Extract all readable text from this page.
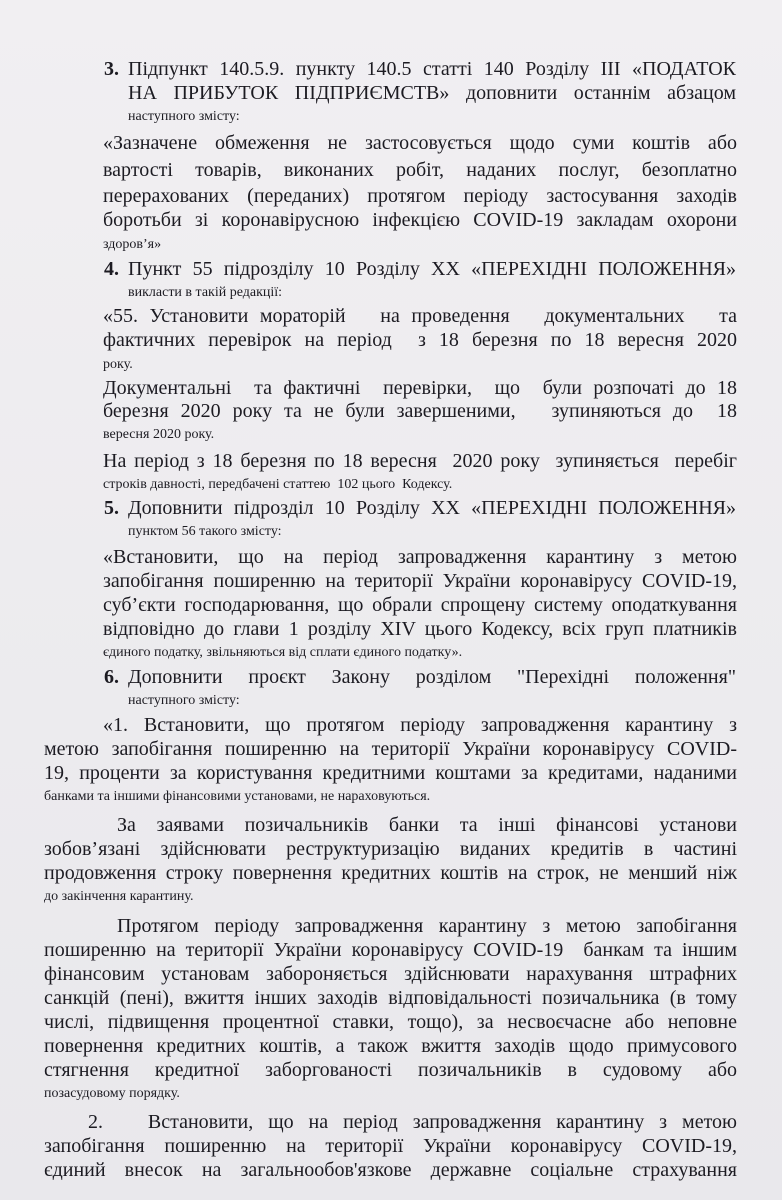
3. Підпункт 140.5.9. пункту 140.5 статті 140 Розділу ІІІ «ПОДАТОК
НА ПРИБУТОК ПІДПРИЄМСТВ» доповнити останнім абзацом
наступного змісту:
«Зазначене обмеження не застосовується щодо суми коштів або
вартості товарів, виконаних робіт, наданих послуг, безоплатно
перерахованих (переданих) протягом періоду застосування заходів
боротьби зі коронавірусною інфекцією COVID-19 закладам охорони
здоров’я»
4. Пункт 55 підрозділу 10 Розділу XX «ПЕРЕХІДНІ ПОЛОЖЕННЯ»
викласти в такій редакції:
«55. Установити мораторій   на проведення   документальних   та
фактичних перевірок на період  з 18 березня по 18 вересня 2020
року.
Документальні  та фактичні  перевірки,  що  були розпочаті до 18
березня 2020 року та не були завершеними,   зупиняються до  18
вересня 2020 року.
На період з 18 березня по 18 вересня  2020 року  зупиняється  перебіг
строків давності, передбачені статтею  102 цього  Кодексу.
5. Доповнити підрозділ 10 Розділу XX «ПЕРЕХІДНІ ПОЛОЖЕННЯ»
пунктом 56 такого змісту:
«Встановити, що на період запровадження карантину з метою
запобігання поширенню на території України коронавірусу COVID-19,
суб’єкти господарювання, що обрали спрощену систему оподаткування
відповідно до глави 1 розділу XIV цього Кодексу, всіх груп платників
єдиного податку, звільняються від сплати єдиного податку».
6. Доповнити  проєкт  Закону  розділом  "Перехідні  положення"
наступного змісту:
«1. Встановити, що протягом періоду запровадження карантину з
метою запобігання поширенню на території України коронавірусу COVID-
19, проценти за користування кредитними коштами за кредитами, наданими
банками та іншими фінансовими установами, не нараховуються.
За заявами позичальників банки та інші фінансові установи
зобов’язані здійснювати реструктуризацію виданих кредитів в частині
продовження строку повернення кредитних коштів на строк, не менший ніж
до закінчення карантину.
Протягом періоду запровадження карантину з метою запобігання
поширенню на території України коронавірусу COVID-19  банкам та іншим
фінансовим установам забороняється здійснювати нарахування штрафних
санкцій (пені), вжиття інших заходів відповідальності позичальника (в тому
числі, підвищення процентної ставки, тощо), за несвоєчасне або неповне
повернення кредитних коштів, а також вжиття заходів щодо примусового
стягнення  кредитної  заборгованості  позичальників  в  судовому  або
позасудовому порядку.
2.   Встановити, що на період запровадження карантину з метою
запобігання поширенню на території України коронавірусу COVID-19,
єдиний внесок на загальнообов'язкове державне соціальне страхування
